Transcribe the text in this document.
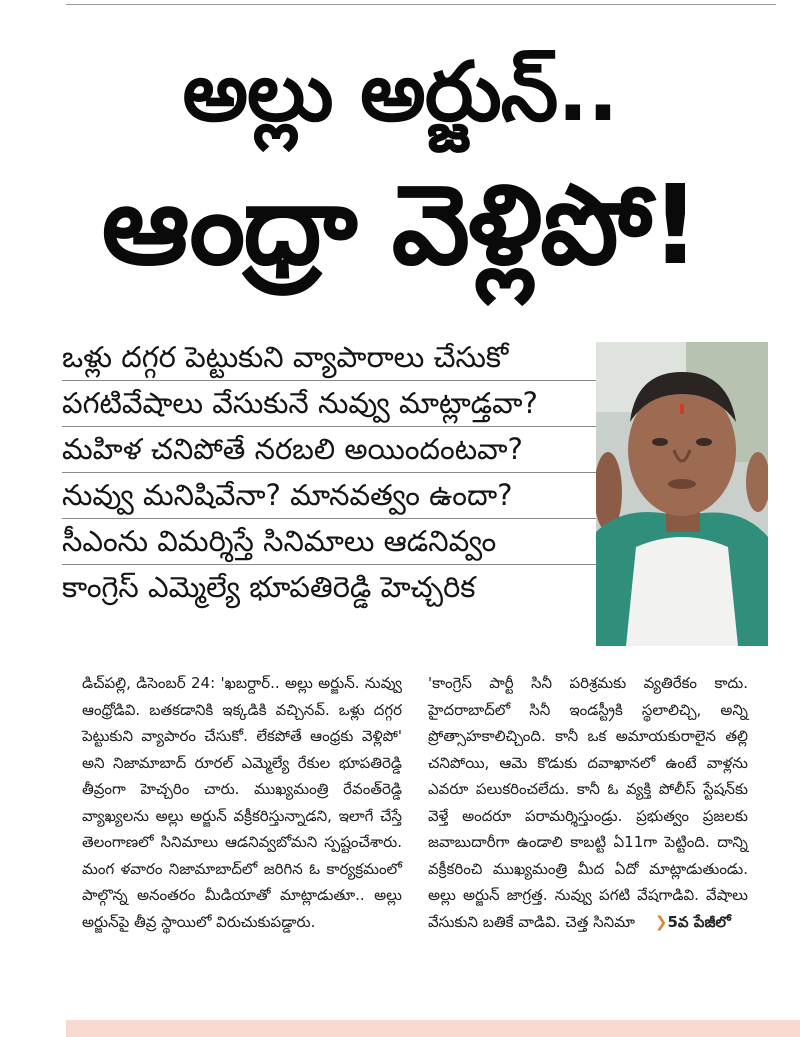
అల్లు అర్జున్..
ఆంధ్రా వెళ్లిపో!
ఒళ్లు దగ్గర పెట్టుకుని వ్యాపారాలు చేసుకో
పగటివేషాలు వేసుకునే నువ్వు మాట్లాడ్తవా?
మహిళ చనిపోతే నరబలి అయిందంటవా?
నువ్వు మనిషివేనా? మానవత్వం ఉందా?
సీఎంను విమర్శిస్తే సినిమాలు ఆడనివ్వం
కాంగ్రెస్ ఎమ్మెల్యే భూపతిరెడ్డి హెచ్చరిక

డిచ్‌పల్లి, డిసెంబర్ 24: 'ఖబర్దార్.. అల్లు అర్జున్. నువ్వు ఆంధ్రోడివి. బతకడానికి ఇక్కడికి వచ్చినవ్. ఒళ్లు దగ్గర పెట్టుకుని వ్యాపారం చేసుకో. లేకపోతే ఆంధ్రకు వెళ్లిపో' అని నిజామాబాద్ రూరల్ ఎమ్మెల్యే రేకుల భూపతిరెడ్డి తీవ్రంగా హెచ్చరిం చారు. ముఖ్యమంత్రి రేవంత్‌రెడ్డి వ్యాఖ్యలను అల్లు అర్జున్ వక్రీకరిస్తున్నాడని, ఇలాగే చేస్తే తెలంగాణలో సినిమాలు ఆడనివ్వబోమని స్పష్టంచేశారు. మంగ ళవారం నిజామాబాద్‌లో జరిగిన ఓ కార్యక్రమంలో పాల్గొన్న అనంతరం మీడియాతో మాట్లాడుతూ.. అల్లు అర్జున్‌పై తీవ్ర స్థాయిలో విరుచుకుపడ్డారు.

'కాంగ్రెస్ పార్టీ సినీ పరిశ్రమకు వ్యతిరేకం కాదు. హైదరాబాద్‌లో సినీ ఇండస్ట్రీకి స్థలాలిచ్చి, అన్ని ప్రోత్సాహకాలిచ్చింది. కానీ ఒక అమాయకురాలైన తల్లి చనిపోయి, ఆమె కొడుకు దవాఖానలో ఉంటే వాళ్లను ఎవరూ పలుకరించలేదు. కానీ ఓ వ్యక్తి పోలీస్ స్టేషన్‌కు వెళ్తే అందరూ పరామర్శిస్తుండ్రు. ప్రభుత్వం ప్రజలకు జవాబుదారీగా ఉండాలి కాబట్టి ఏ11గా పెట్టింది. దాన్ని వక్రీకరించి ముఖ్యమంత్రి మీద ఏదో మాట్లాడుతుండు. అల్లు అర్జున్ జాగ్రత్త. నువ్వు పగటి వేషగాడివి. వేషాలు వేసుకుని బతికే వాడివి. చెత్త సినిమా ❯5వ పేజీలో
